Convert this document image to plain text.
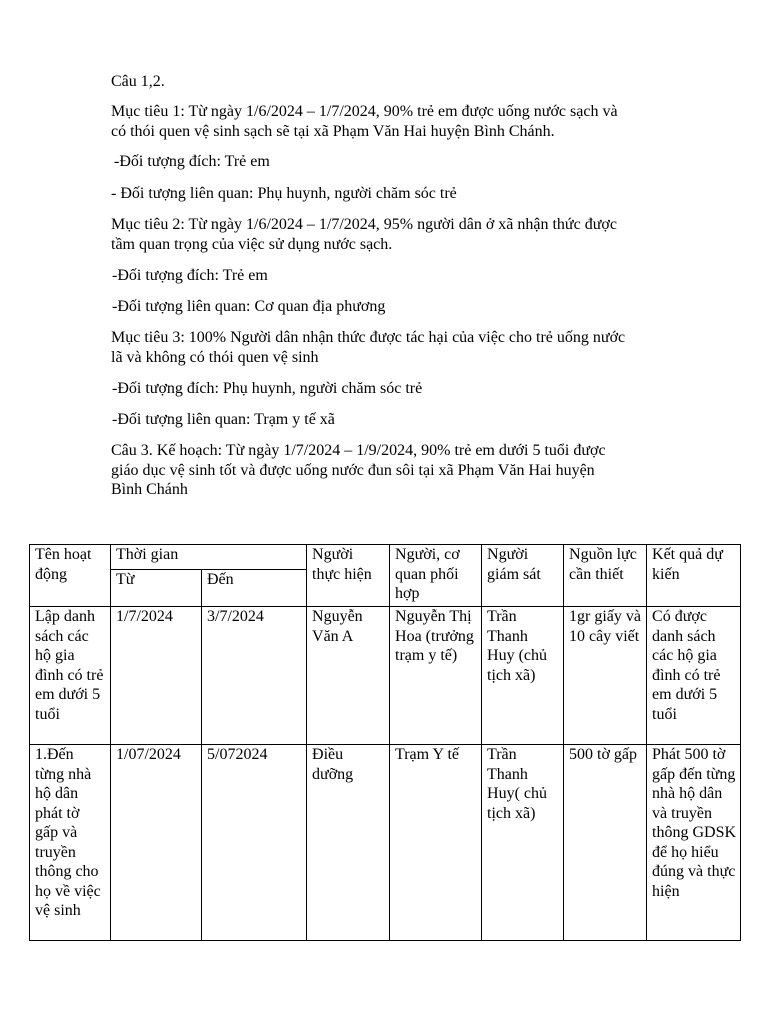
Câu 1,2.

Mục tiêu 1: Từ ngày 1/6/2024 – 1/7/2024, 90% trẻ em được uống nước sạch và
có thói quen vệ sinh sạch sẽ tại xã Phạm Văn Hai huyện Bình Chánh.

-Đối tượng đích: Trẻ em

- Đối tượng liên quan: Phụ huynh, người chăm sóc trẻ

Mục tiêu 2: Từ ngày 1/6/2024 – 1/7/2024, 95% người dân ở xã nhận thức được
tầm quan trọng của việc sử dụng nước sạch.

-Đối tượng đích: Trẻ em

-Đối tượng liên quan: Cơ quan địa phương

Mục tiêu 3: 100% Người dân nhận thức được tác hại của việc cho trẻ uống nước
lã và không có thói quen vệ sinh

-Đối tượng đích: Phụ huynh, người chăm sóc trẻ

-Đối tượng liên quan: Trạm y tế xã

Câu 3. Kế hoạch: Từ ngày 1/7/2024 – 1/9/2024, 90% trẻ em dưới 5 tuổi được
giáo dục vệ sinh tốt và được uống nước đun sôi tại xã Phạm Văn Hai huyện
Bình Chánh

Tên hoạt động	Thời gian		Người thực hiện	Người, cơ quan phối hợp	Người giám sát	Nguồn lực cần thiết	Kết quả dự kiến
	Từ	Đến					
Lập danh sách các hộ gia đình có trẻ em dưới 5 tuổi	1/7/2024	3/7/2024	Nguyễn Văn A	Nguyễn Thị Hoa (trưởng trạm y tế)	Trần Thanh Huy (chủ tịch xã)	1gr giấy và 10 cây viết	Có được danh sách các hộ gia đình có trẻ em dưới 5 tuổi
1.Đến từng nhà hộ dân phát tờ gấp và truyền thông cho họ về việc vệ sinh	1/07/2024	5/072024	Điều dưỡng	Trạm Y tế	Trần Thanh Huy( chủ tịch xã)	500 tờ gấp	Phát 500 tờ gấp đến từng nhà hộ dân và truyền thông GDSK để họ hiểu đúng và thực hiện
